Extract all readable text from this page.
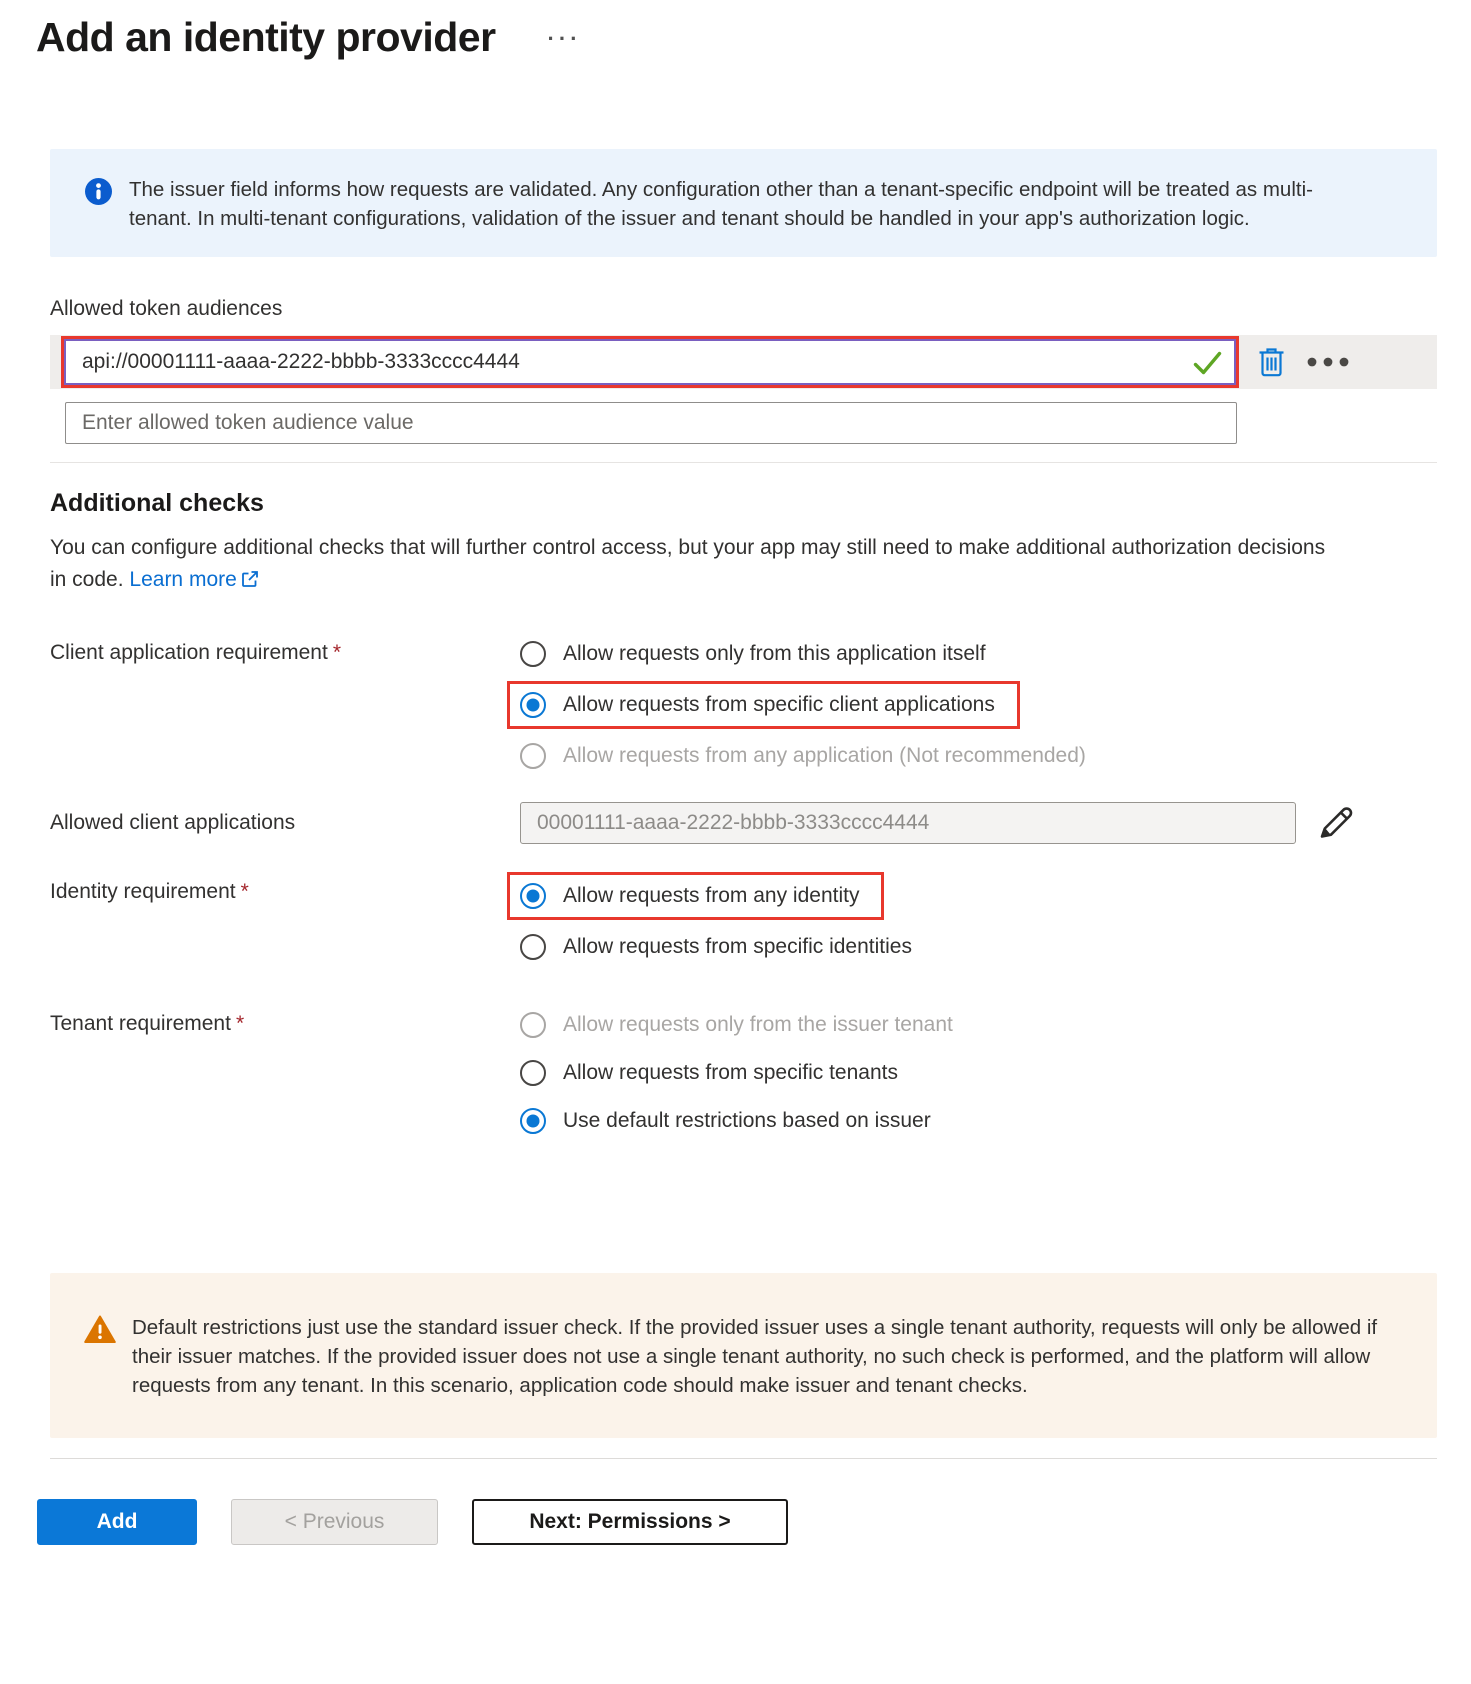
Add an identity provider ···
The issuer field informs how requests are validated. Any configuration other than a tenant-specific endpoint will be treated as multi-tenant. In multi-tenant configurations, validation of the issuer and tenant should be handled in your app's authorization logic.
Allowed token audiences
api://00001111-aaaa-2222-bbbb-3333cccc4444
Enter allowed token audience value
Additional checks

You can configure additional checks that will further control access, but your app may still need to make additional authorization decisions in code. Learn more

Client application requirement *	Allow requests only from this application itself
Allow requests from specific client applications
Allow requests from any application (Not recommended)
Allowed client applications
00001111-aaaa-2222-bbbb-3333cccc4444
Identity requirement *	Allow requests from any identity
Allow requests from specific identities
Tenant requirement *	Allow requests only from the issuer tenant
Allow requests from specific tenants
Use default restrictions based on issuer
Default restrictions just use the standard issuer check. If the provided issuer uses a single tenant authority, requests will only be allowed if their issuer matches. If the provided issuer does not use a single tenant authority, no such check is performed, and the platform will allow requests from any tenant. In this scenario, application code should make issuer and tenant checks.
Add	< Previous	Next: Permissions >
